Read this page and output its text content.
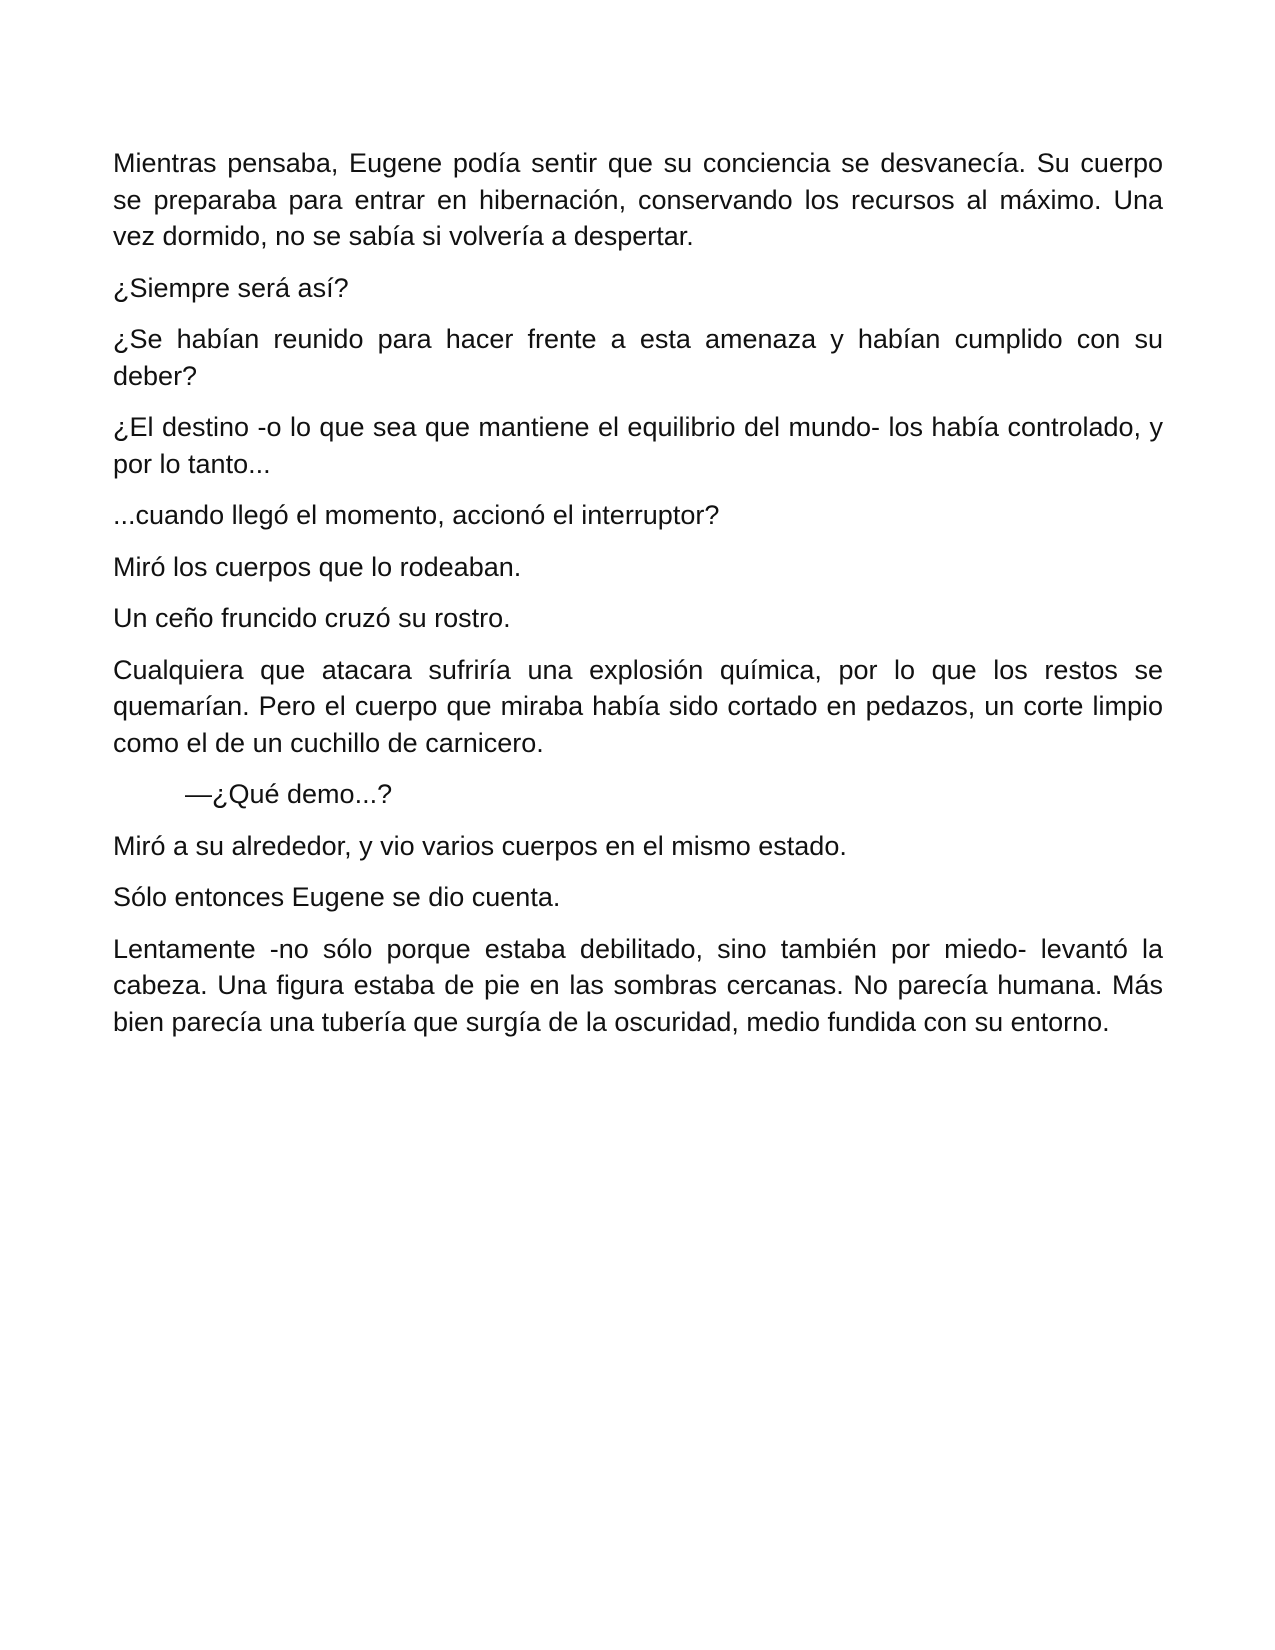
Mientras pensaba, Eugene podía sentir que su conciencia se desvanecía. Su cuerpo se preparaba para entrar en hibernación, conservando los recursos al máximo. Una vez dormido, no se sabía si volvería a despertar.

¿Siempre será así?

¿Se habían reunido para hacer frente a esta amenaza y habían cumplido con su deber?

¿El destino -o lo que sea que mantiene el equilibrio del mundo- los había controlado, y por lo tanto...

...cuando llegó el momento, accionó el interruptor?

Miró los cuerpos que lo rodeaban.

Un ceño fruncido cruzó su rostro.

Cualquiera que atacara sufriría una explosión química, por lo que los restos se quemarían. Pero el cuerpo que miraba había sido cortado en pedazos, un corte limpio como el de un cuchillo de carnicero.

—¿Qué demo...?

Miró a su alrededor, y vio varios cuerpos en el mismo estado.

Sólo entonces Eugene se dio cuenta.

Lentamente -no sólo porque estaba debilitado, sino también por miedo- levantó la cabeza. Una figura estaba de pie en las sombras cercanas. No parecía humana. Más bien parecía una tubería que surgía de la oscuridad, medio fundida con su entorno.
